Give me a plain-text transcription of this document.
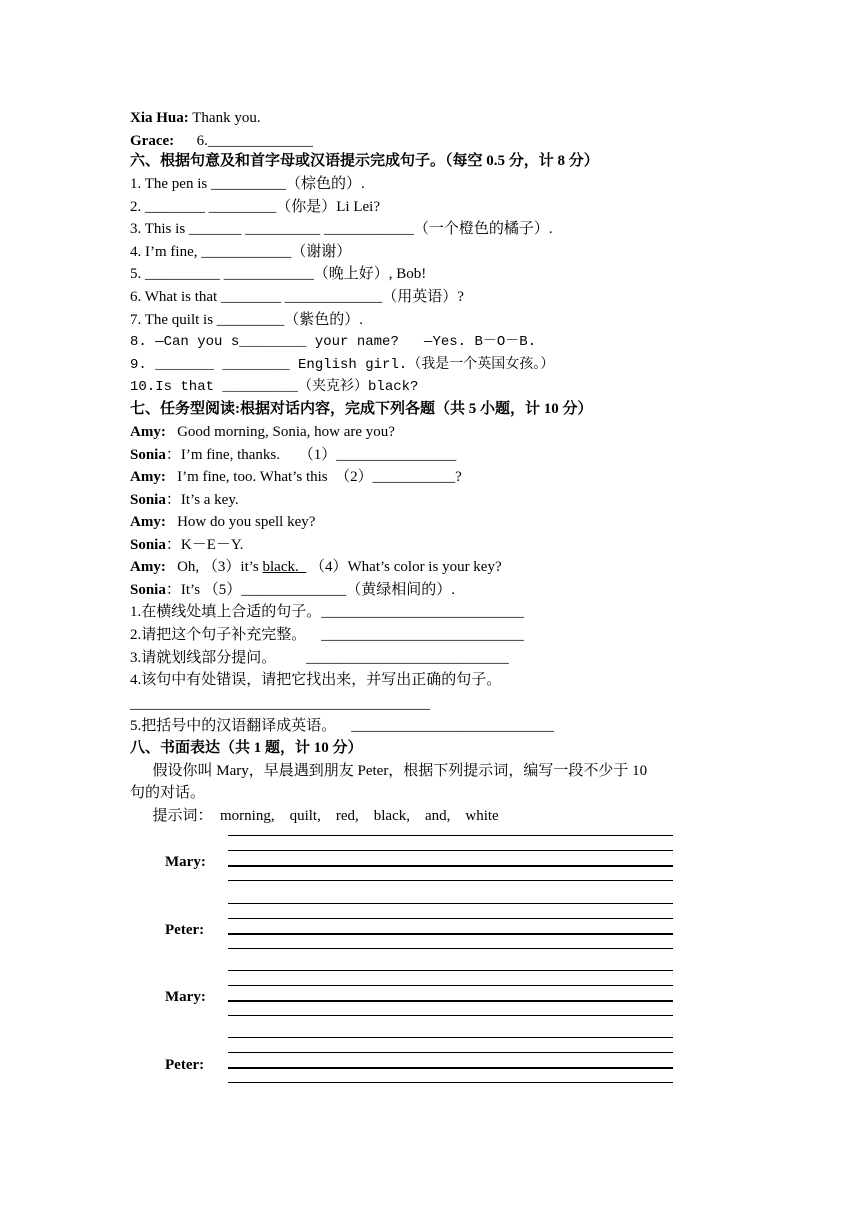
Xia Hua: Thank you.
Grace:      6.______________
六、根据句意及和首字母或汉语提示完成句子。（每空 0.5 分，计 8 分）
1. The pen is __________（棕色的）.
2. ________ _________（你是）Li Lei?
3. This is _______ __________ ____________（一个橙色的橘子）.
4. I’m fine, ____________（谢谢）
5. __________ ____________（晚上好）, Bob!
6. What is that ________ _____________（用英语）?
7. The quilt is _________（紫色的）.
8. —Can you s________ your name?   —Yes. B－O－B.
9. _______ ________ English girl.（我是一个英国女孩。）
10.Is that _________（夹克衫）black?
七、任务型阅读:根据对话内容，完成下列各题（共 5 小题，计 10 分）
Amy:   Good morning, Sonia, how are you?
Sonia：I’m fine, thanks.     （1）________________
Amy:   I’m fine, too. What’s this  （2）___________?
Sonia：It’s a key.
Amy:   How do you spell key?
Sonia：K－E－Y.
Amy:   Oh, （3）it’s black.   （4）What’s color is your key?
Sonia：It’s （5）______________（黄绿相间的）.
1.在横线处填上合适的句子。___________________________
2.请把这个句子补充完整。    ___________________________
3.请就划线部分提问。        ___________________________
4.该句中有处错误，请把它找出来，并写出正确的句子。
________________________________________
5.把括号中的汉语翻译成英语。    ___________________________
八、书面表达（共 1 题，计 10 分）
假设你叫 Mary，早晨遇到朋友 Peter，根据下列提示词，编写一段不少于 10
句的对话。
提示词：  morning,    quilt,    red,    black,    and,    white
Mary:
Peter:
Mary:
Peter:
